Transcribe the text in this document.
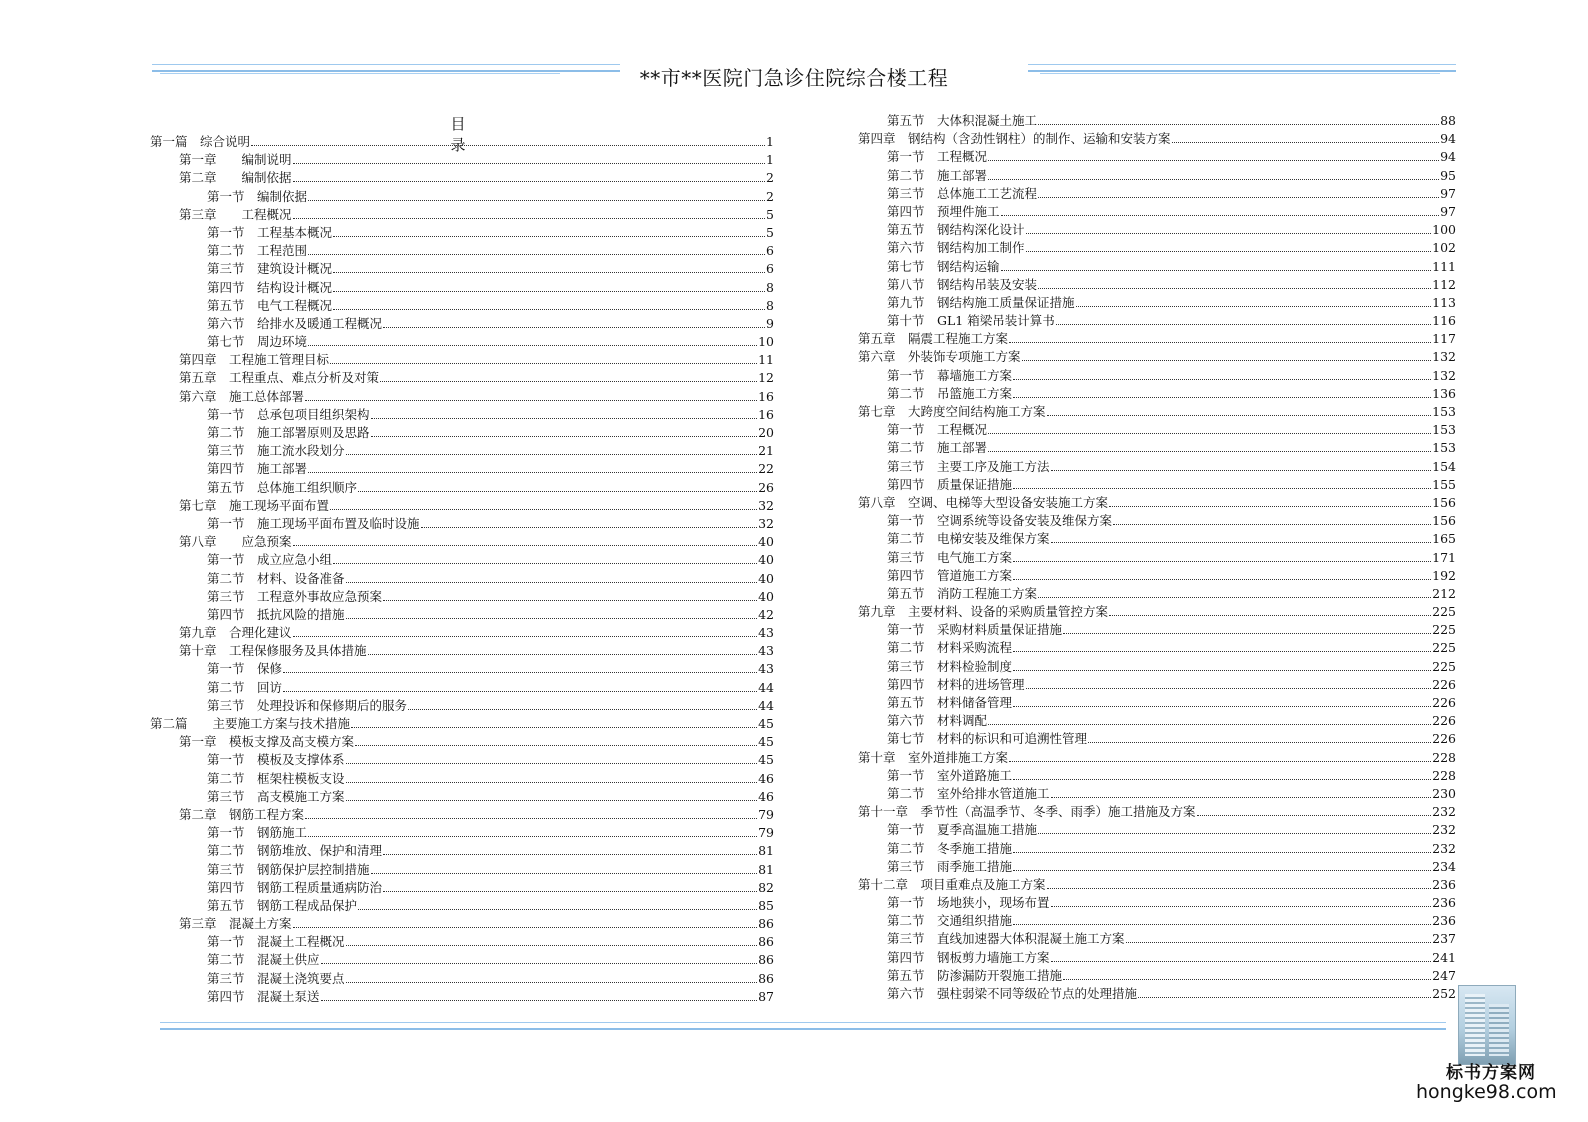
**市**医院门急诊住院综合楼工程
目 录
第一篇　综合说明	1
第一章　　编制说明	1
第二章　　编制依据	2
第一节　编制依据	2
第三章　　工程概况	5
第一节　工程基本概况	5
第二节　工程范围	6
第三节　建筑设计概况	6
第四节　结构设计概况	8
第五节　电气工程概况	8
第六节　给排水及暖通工程概况	9
第七节　周边环境	10
第四章　工程施工管理目标	11
第五章　工程重点、难点分析及对策	12
第六章　施工总体部署	16
第一节　总承包项目组织架构	16
第二节　施工部署原则及思路	20
第三节　施工流水段划分	21
第四节　施工部署	22
第五节　总体施工组织顺序	26
第七章　施工现场平面布置	32
第一节　施工现场平面布置及临时设施	32
第八章　　应急预案	40
第一节　成立应急小组	40
第二节　材料、设备准备	40
第三节　工程意外事故应急预案	40
第四节　抵抗风险的措施	42
第九章　合理化建议	43
第十章　工程保修服务及具体措施	43
第一节　保修	43
第二节　回访	44
第三节　处理投诉和保修期后的服务	44
第二篇　　主要施工方案与技术措施	45
第一章　模板支撑及高支模方案	45
第一节　模板及支撑体系	45
第二节　框架柱模板支设	46
第三节　高支模施工方案	46
第二章　钢筋工程方案	79
第一节　钢筋施工	79
第二节　钢筋堆放、保护和清理	81
第三节　钢筋保护层控制措施	81
第四节　钢筋工程质量通病防治	82
第五节　钢筋工程成品保护	85
第三章　混凝土方案	86
第一节　混凝土工程概况	86
第二节　混凝土供应	86
第三节　混凝土浇筑要点	86
第四节　混凝土泵送	87
第五节　大体积混凝土施工	88
第四章　钢结构（含劲性钢柱）的制作、运输和安装方案	94
第一节　工程概况	94
第二节　施工部署	95
第三节　总体施工工艺流程	97
第四节　预埋件施工	97
第五节　钢结构深化设计	100
第六节　钢结构加工制作	102
第七节　钢结构运输	111
第八节　钢结构吊装及安装	112
第九节　钢结构施工质量保证措施	113
第十节　GL1 箱梁吊装计算书	116
第五章　隔震工程施工方案	117
第六章　外装饰专项施工方案	132
第一节　幕墙施工方案	132
第二节　吊篮施工方案	136
第七章　大跨度空间结构施工方案	153
第一节　工程概况	153
第二节　施工部署	153
第三节　主要工序及施工方法	154
第四节　质量保证措施	155
第八章　空调、电梯等大型设备安装施工方案	156
第一节　空调系统等设备安装及维保方案	156
第二节　电梯安装及维保方案	165
第三节　电气施工方案	171
第四节　管道施工方案	192
第五节　消防工程施工方案	212
第九章　主要材料、设备的采购质量管控方案	225
第一节　采购材料质量保证措施	225
第二节　材料采购流程	225
第三节　材料检验制度	225
第四节　材料的进场管理	226
第五节　材料储备管理	226
第六节　材料调配	226
第七节　材料的标识和可追溯性管理	226
第十章　室外道排施工方案	228
第一节　室外道路施工	228
第二节　室外给排水管道施工	230
第十一章　季节性（高温季节、冬季、雨季）施工措施及方案	232
第一节　夏季高温施工措施	232
第二节　冬季施工措施	232
第三节　雨季施工措施	234
第十二章　项目重难点及施工方案	236
第一节　场地狭小，现场布置	236
第二节　交通组织措施	236
第三节　直线加速器大体积混凝土施工方案	237
第四节　钢板剪力墙施工方案	241
第五节　防渗漏防开裂施工措施	247
第六节　强柱弱梁不同等级砼节点的处理措施	252
标书方案网
hongke98.com
